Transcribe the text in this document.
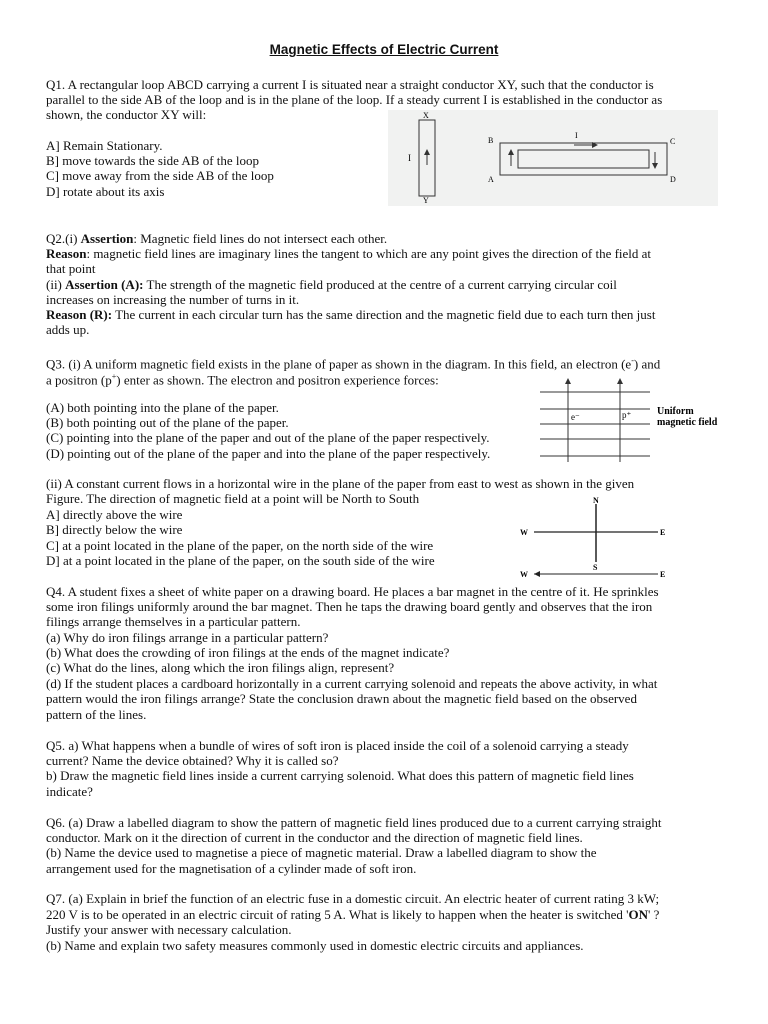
Magnetic Effects of Electric Current
Q1. A rectangular loop ABCD carrying a current I is situated near a straight conductor XY, such that the conductor is
parallel to the side AB of the loop and is in the plane of the loop. If a steady current I is established in the conductor as
shown, the conductor XY will:
A] Remain Stationary.
B] move towards the side AB of the loop
C] move away from the side AB of the loop
D] rotate about its axis
X
Y
I
I
B
A
C
D
Q2.(i) Assertion: Magnetic field lines do not intersect each other.
Reason: magnetic field lines are imaginary lines the tangent to which are any point gives the direction of the field at
that point
(ii) Assertion (A): The strength of the magnetic field produced at the centre of a current carrying circular coil
increases on increasing the number of turns in it.
Reason (R): The current in each circular turn has the same direction and the magnetic field due to each turn then just
adds up.
Q3. (i) A uniform magnetic field exists in the plane of paper as shown in the diagram. In this field, an electron (e-) and
a positron (p+) enter as shown. The electron and positron experience forces:
(A) both pointing into the plane of the paper.
(B) both pointing out of the plane of the paper.
(C) pointing into the plane of the paper and out of the plane of the paper respectively.
(D) pointing out of the plane of the paper and into the plane of the paper respectively.
e⁻	p⁺	Uniform
magnetic field
(ii) A constant current flows in a horizontal wire in the plane of the paper from east to west as shown in the given
Figure. The direction of magnetic field at a point will be North to South
A] directly above the wire
B] directly below the wire
C] at a point located in the plane of the paper, on the north side of the wire
D] at a point located in the plane of the paper, on the south side of the wire
N
S
W	E
W	E
Q4. A student fixes a sheet of white paper on a drawing board. He places a bar magnet in the centre of it. He sprinkles
some iron filings uniformly around the bar magnet. Then he taps the drawing board gently and observes that the iron
filings arrange themselves in a particular pattern.
(a) Why do iron filings arrange in a particular pattern?
(b) What does the crowding of iron filings at the ends of the magnet indicate?
(c) What do the lines, along which the iron filings align, represent?
(d) If the student places a cardboard horizontally in a current carrying solenoid and repeats the above activity, in what
pattern would the iron filings arrange? State the conclusion drawn about the magnetic field based on the observed
pattern of the lines.
Q5. a) What happens when a bundle of wires of soft iron is placed inside the coil of a solenoid carrying a steady
current? Name the device obtained? Why it is called so?
b) Draw the magnetic field lines inside a current carrying solenoid. What does this pattern of magnetic field lines
indicate?
Q6. (a) Draw a labelled diagram to show the pattern of magnetic field lines produced due to a current carrying straight
conductor. Mark on it the direction of current in the conductor and the direction of magnetic field lines.
(b) Name the device used to magnetise a piece of magnetic material. Draw a labelled diagram to show the
arrangement used for the magnetisation of a cylinder made of soft iron.
Q7. (a) Explain in brief the function of an electric fuse in a domestic circuit. An electric heater of current rating 3 kW;
220 V is to be operated in an electric circuit of rating 5 A. What is likely to happen when the heater is switched 'ON' ?
Justify your answer with necessary calculation.
(b) Name and explain two safety measures commonly used in domestic electric circuits and appliances.
